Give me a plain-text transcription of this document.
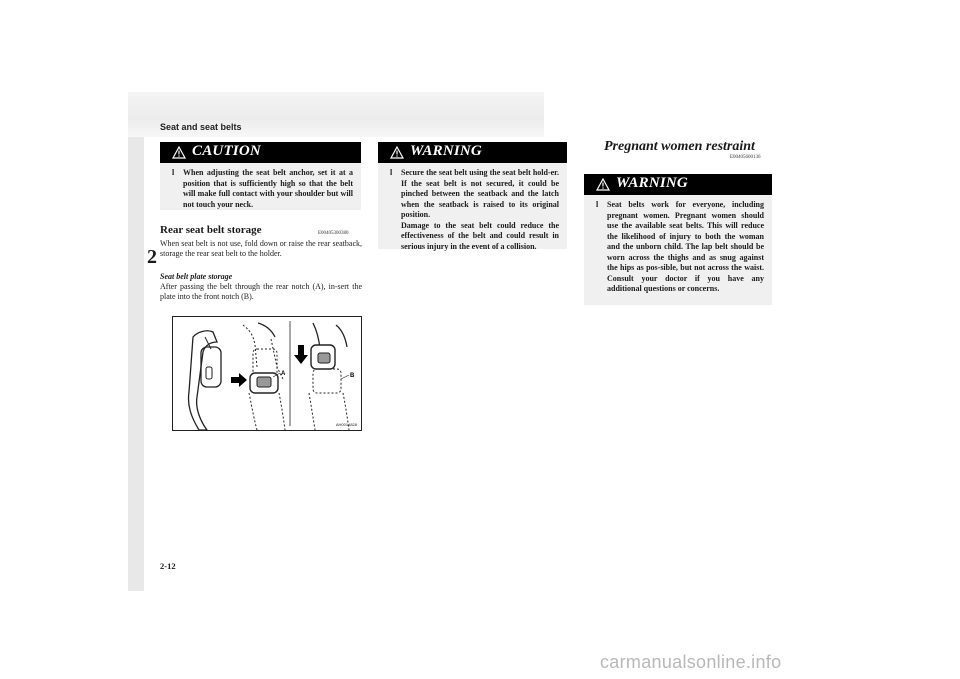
Seat and seat belts
2
CAUTION
l	When adjusting the seat belt anchor, set it at a position that is sufficiently high so that the belt will make full contact with your shoulder but will not touch your neck.
Rear seat belt storage	E00405300380
When seat belt is not use, fold down or raise the rear seatback, storage the rear seat belt to the holder.
Seat belt plate storage
After passing the belt through the rear notch (A), in-sert the plate into the front notch (B).
A	B
AH0014828
WARNING
l	Secure the seat belt using the seat belt hold-er. If the seat belt is not secured, it could be pinched between the seatback and the latch when the seatback is raised to its original position.
Damage to the seat belt could reduce the effectiveness of the belt and could result in serious injury in the event of a collision.
Pregnant women restraint
E00405600136
WARNING
l	Seat belts work for everyone, including pregnant women. Pregnant women should use the available seat belts. This will reduce the likelihood of injury to both the woman and the unborn child. The lap belt should be worn across the thighs and as snug against the hips as pos-sible, but not across the waist. Consult your doctor if you have any additional questions or concerns.
2-12
carmanualsonline.info
